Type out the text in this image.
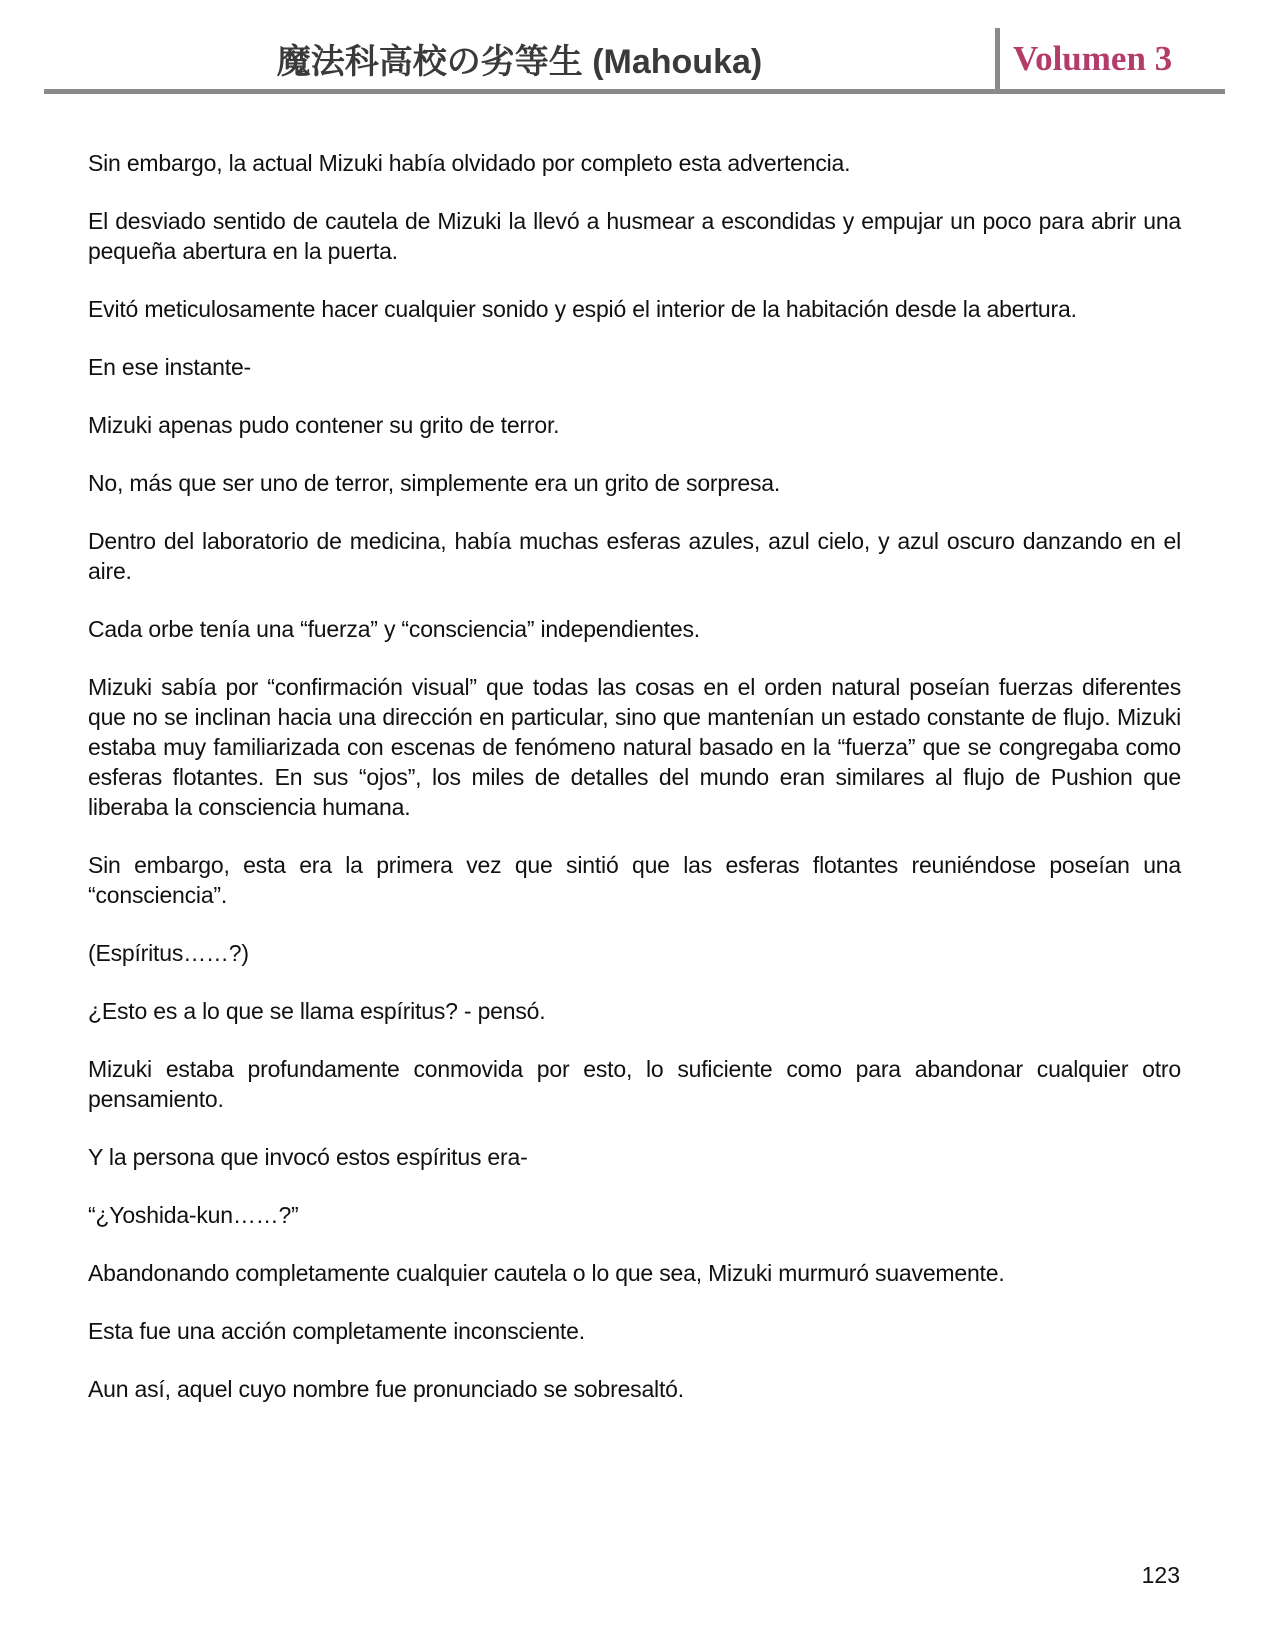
魔法科高校の劣等生 (Mahouka)	Volumen 3

Sin embargo, la actual Mizuki había olvidado por completo esta advertencia.

El desviado sentido de cautela de Mizuki la llevó a husmear a escondidas y empujar un poco para abrir una pequeña abertura en la puerta.

Evitó meticulosamente hacer cualquier sonido y espió el interior de la habitación desde la abertura.

En ese instante-

Mizuki apenas pudo contener su grito de terror.

No, más que ser uno de terror, simplemente era un grito de sorpresa.

Dentro del laboratorio de medicina, había muchas esferas azules, azul cielo, y azul oscuro danzando en el aire.

Cada orbe tenía una “fuerza” y “consciencia” independientes.

Mizuki sabía por “confirmación visual” que todas las cosas en el orden natural poseían fuerzas diferentes que no se inclinan hacia una dirección en particular, sino que mantenían un estado constante de flujo. Mizuki estaba muy familiarizada con escenas de fenómeno natural basado en la “fuerza” que se congregaba como esferas flotantes. En sus “ojos”, los miles de detalles del mundo eran similares al flujo de Pushion que liberaba la consciencia humana.

Sin embargo, esta era la primera vez que sintió que las esferas flotantes reuniéndose poseían una “consciencia”.

(Espíritus……?)

¿Esto es a lo que se llama espíritus? - pensó.

Mizuki estaba profundamente conmovida por esto, lo suficiente como para abandonar cualquier otro pensamiento.

Y la persona que invocó estos espíritus era-

“¿Yoshida-kun……?”

Abandonando completamente cualquier cautela o lo que sea, Mizuki murmuró suavemente.

Esta fue una acción completamente inconsciente.

Aun así, aquel cuyo nombre fue pronunciado se sobresaltó.

123
